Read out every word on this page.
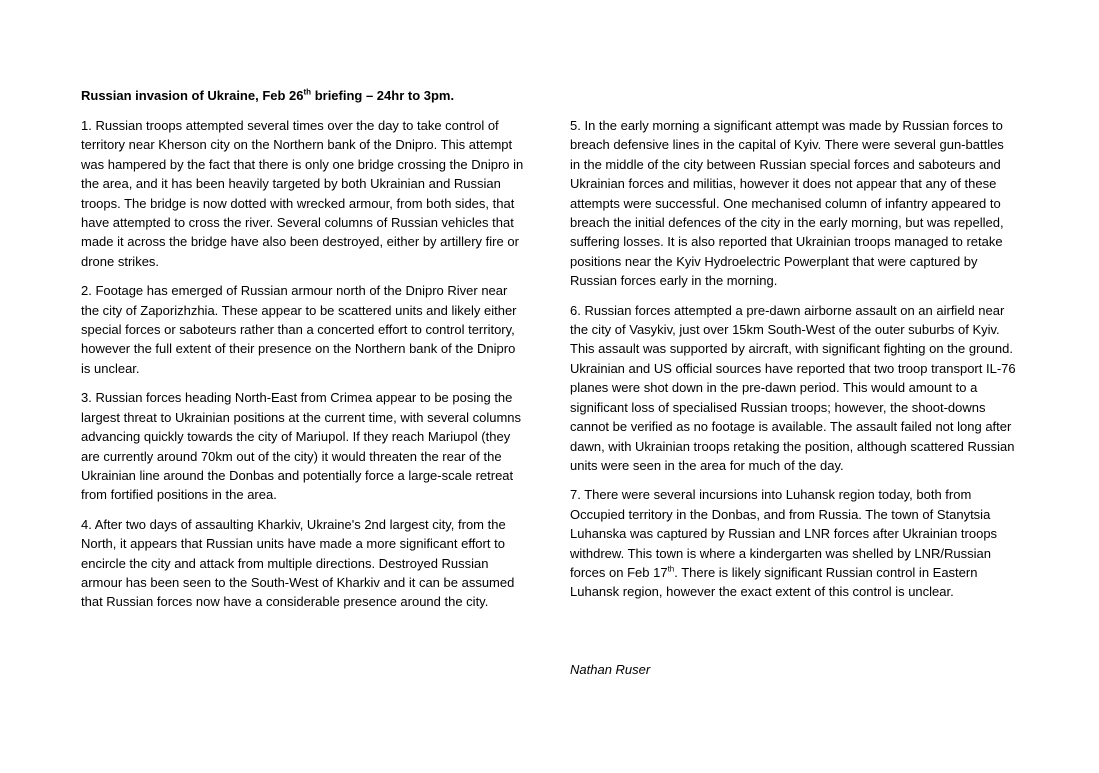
Russian invasion of Ukraine, Feb 26th briefing – 24hr to 3pm.

1. Russian troops attempted several times over the day to take control of territory near Kherson city on the Northern bank of the Dnipro. This attempt was hampered by the fact that there is only one bridge crossing the Dnipro in the area, and it has been heavily targeted by both Ukrainian and Russian troops. The bridge is now dotted with wrecked armour, from both sides, that have attempted to cross the river. Several columns of Russian vehicles that made it across the bridge have also been destroyed, either by artillery fire or drone strikes.

2. Footage has emerged of Russian armour north of the Dnipro River near the city of Zaporizhzhia. These appear to be scattered units and likely either special forces or saboteurs rather than a concerted effort to control territory, however the full extent of their presence on the Northern bank of the Dnipro is unclear.

3. Russian forces heading North-East from Crimea appear to be posing the largest threat to Ukrainian positions at the current time, with several columns advancing quickly towards the city of Mariupol. If they reach Mariupol (they are currently around 70km out of the city) it would threaten the rear of the Ukrainian line around the Donbas and potentially force a large-scale retreat from fortified positions in the area.

4. After two days of assaulting Kharkiv, Ukraine's 2nd largest city, from the North, it appears that Russian units have made a more significant effort to encircle the city and attack from multiple directions. Destroyed Russian armour has been seen to the South-West of Kharkiv and it can be assumed that Russian forces now have a considerable presence around the city.

5. In the early morning a significant attempt was made by Russian forces to breach defensive lines in the capital of Kyiv. There were several gun-battles in the middle of the city between Russian special forces and saboteurs and Ukrainian forces and militias, however it does not appear that any of these attempts were successful. One mechanised column of infantry appeared to breach the initial defences of the city in the early morning, but was repelled, suffering losses. It is also reported that Ukrainian troops managed to retake positions near the Kyiv Hydroelectric Powerplant that were captured by Russian forces early in the morning.

6. Russian forces attempted a pre-dawn airborne assault on an airfield near the city of Vasykiv, just over 15km South-West of the outer suburbs of Kyiv. This assault was supported by aircraft, with significant fighting on the ground. Ukrainian and US official sources have reported that two troop transport IL-76 planes were shot down in the pre-dawn period. This would amount to a significant loss of specialised Russian troops; however, the shoot-downs cannot be verified as no footage is available. The assault failed not long after dawn, with Ukrainian troops retaking the position, although scattered Russian units were seen in the area for much of the day.

7. There were several incursions into Luhansk region today, both from Occupied territory in the Donbas, and from Russia. The town of Stanytsia Luhanska was captured by Russian and LNR forces after Ukrainian troops withdrew. This town is where a kindergarten was shelled by LNR/Russian forces on Feb 17th. There is likely significant Russian control in Eastern Luhansk region, however the exact extent of this control is unclear.

Nathan Ruser
